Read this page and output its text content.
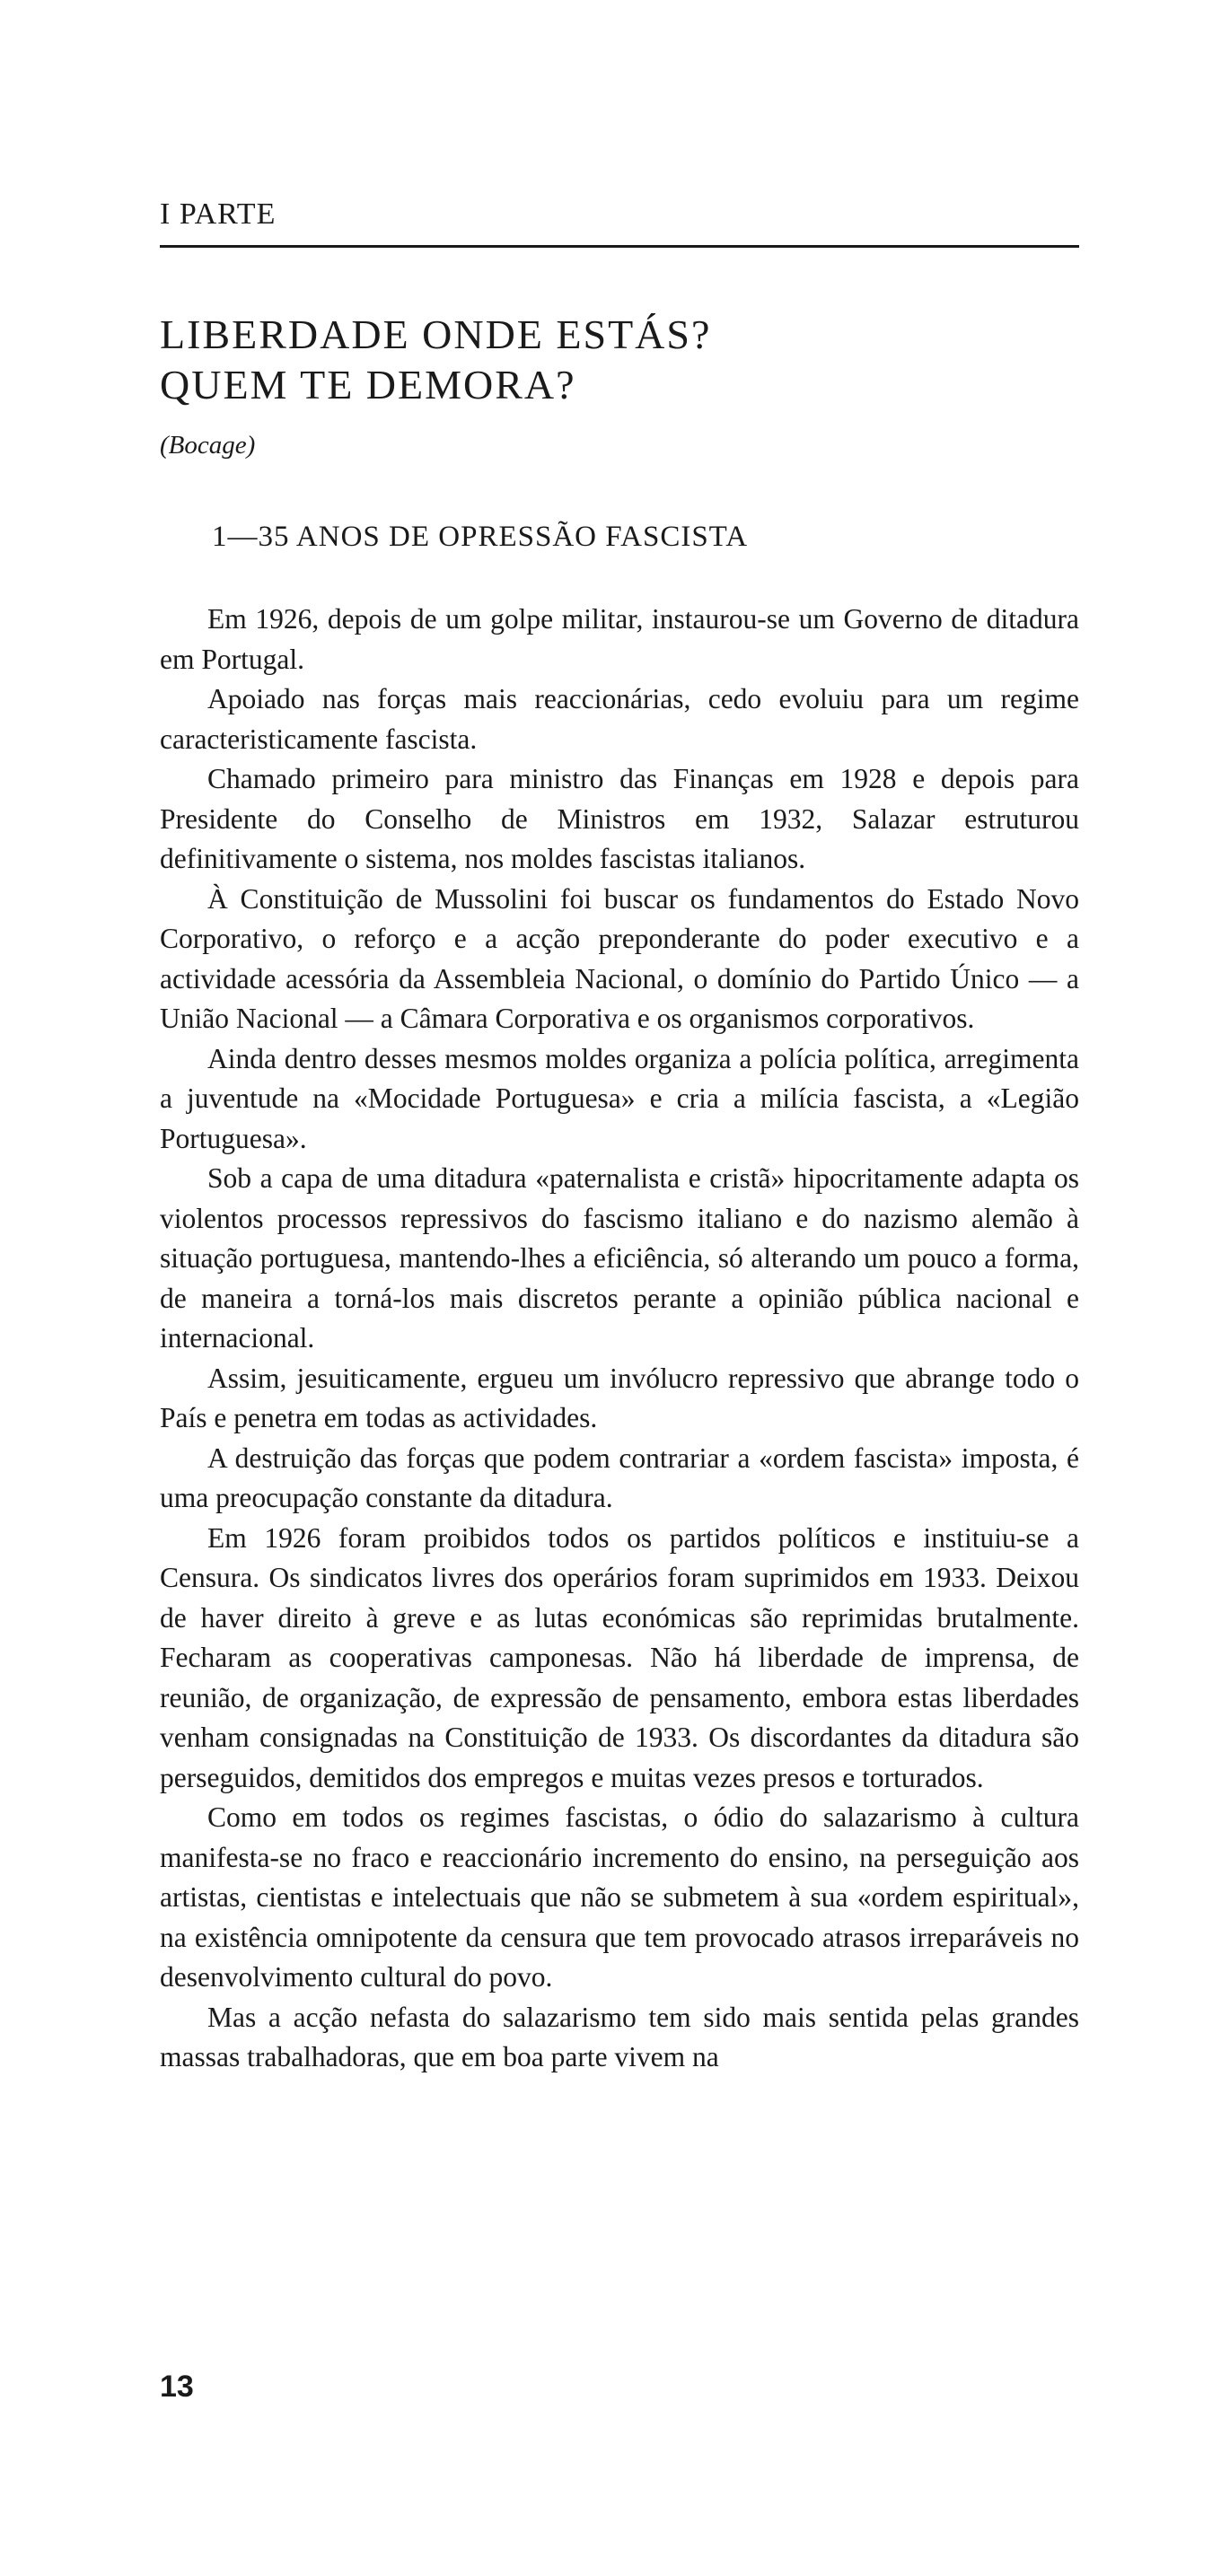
I PARTE
LIBERDADE ONDE ESTÁS?
QUEM TE DEMORA?
(Bocage)
1—35 ANOS DE OPRESSÃO FASCISTA

Em 1926, depois de um golpe militar, instaurou-se um Governo de ditadura em Portugal.

Apoiado nas forças mais reaccionárias, cedo evoluiu para um regime caracteristicamente fascista.

Chamado primeiro para ministro das Finanças em 1928 e depois para Presidente do Conselho de Ministros em 1932, Salazar estruturou definitivamente o sistema, nos moldes fascistas italianos.

À Constituição de Mussolini foi buscar os fundamentos do Estado Novo Corporativo, o reforço e a acção preponderante do poder executivo e a actividade acessória da Assembleia Nacional, o domínio do Partido Único — a União Nacional — a Câmara Corporativa e os organismos corporativos.

Ainda dentro desses mesmos moldes organiza a polícia política, arregimenta a juventude na «Mocidade Portuguesa» e cria a milícia fascista, a «Legião Portuguesa».

Sob a capa de uma ditadura «paternalista e cristã» hipocritamente adapta os violentos processos repressivos do fascismo italiano e do nazismo alemão à situação portuguesa, mantendo-lhes a eficiência, só alterando um pouco a forma, de maneira a torná-los mais discretos perante a opinião pública nacional e internacional.

Assim, jesuiticamente, ergueu um invólucro repressivo que abrange todo o País e penetra em todas as actividades.

A destruição das forças que podem contrariar a «ordem fascista» imposta, é uma preocupação constante da ditadura.

Em 1926 foram proibidos todos os partidos políticos e instituiu-se a Censura. Os sindicatos livres dos operários foram suprimidos em 1933. Deixou de haver direito à greve e as lutas económicas são reprimidas brutalmente. Fecharam as cooperativas camponesas. Não há liberdade de imprensa, de reunião, de organização, de expressão de pensamento, embora estas liberdades venham consignadas na Constituição de 1933. Os discordantes da ditadura são perseguidos, demitidos dos empregos e muitas vezes presos e torturados.

Como em todos os regimes fascistas, o ódio do salazarismo à cultura manifesta-se no fraco e reaccionário incremento do ensino, na perseguição aos artistas, cientistas e intelectuais que não se submetem à sua «ordem espiritual», na existência omnipotente da censura que tem provocado atrasos irreparáveis no desenvolvimento cultural do povo.

Mas a acção nefasta do salazarismo tem sido mais sentida pelas grandes massas trabalhadoras, que em boa parte vivem na

13
